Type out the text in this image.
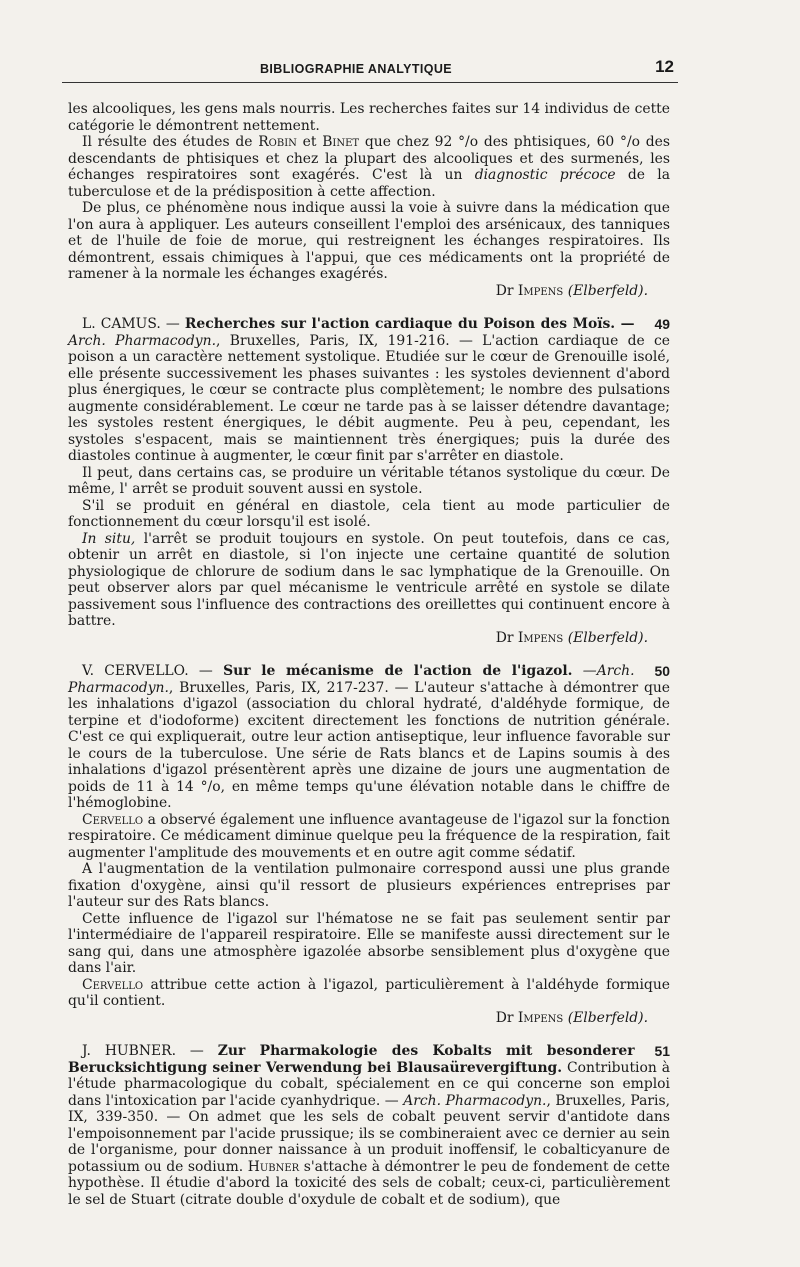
BIBLIOGRAPHIE ANALYTIQUE	12

les alcooliques, les gens mals nourris. Les recherches faites sur 14 individus de cette catégorie le démontrent nettement.

Il résulte des études de Robin et Binet que chez 92 °/o des phtisiques, 60 °/o des descendants de phtisiques et chez la plupart des alcooliques et des surmenés, les échanges respiratoires sont exagérés. C'est là un diagnostic précoce de la tuberculose et de la prédisposition à cette affection.

De plus, ce phénomène nous indique aussi la voie à suivre dans la médication que l'on aura à appliquer. Les auteurs conseillent l'emploi des arsénicaux, des tanniques et de l'huile de foie de morue, qui restreignent les échanges respiratoires. Ils démontrent, essais chimiques à l'appui, que ces médicaments ont la propriété de ramener à la normale les échanges exagérés.

Dr Impens (Elberfeld).

49
L. CAMUS. — Recherches sur l'action cardiaque du Poison des Moïs. — Arch. Pharmacodyn., Bruxelles, Paris, IX, 191-216. — L'action cardiaque de ce poison a un caractère nettement systolique. Etudiée sur le cœur de Grenouille isolé, elle présente successivement les phases suivantes : les systoles deviennent d'abord plus énergiques, le cœur se contracte plus complètement; le nombre des pulsations augmente considérablement. Le cœur ne tarde pas à se laisser détendre davantage; les systoles restent énergiques, le débit augmente. Peu à peu, cependant, les systoles s'espacent, mais se maintiennent très énergiques; puis la durée des diastoles continue à augmenter, le cœur finit par s'arrêter en diastole.

Il peut, dans certains cas, se produire un véritable tétanos systolique du cœur. De même, l' arrêt se produit souvent aussi en systole.

S'il se produit en général en diastole, cela tient au mode particulier de fonctionnement du cœur lorsqu'il est isolé.

In situ, l'arrêt se produit toujours en systole. On peut toutefois, dans ce cas, obtenir un arrêt en diastole, si l'on injecte une certaine quantité de solution physiologique de chlorure de sodium dans le sac lymphatique de la Grenouille. On peut observer alors par quel mécanisme le ventricule arrêté en systole se dilate passivement sous l'influence des contractions des oreillettes qui continuent encore à battre.

Dr Impens (Elberfeld).

50
V. CERVELLO. — Sur le mécanisme de l'action de l'igazol. —Arch. Pharmacodyn., Bruxelles, Paris, IX, 217-237. — L'auteur s'attache à démontrer que les inhalations d'igazol (association du chloral hydraté, d'aldéhyde formique, de terpine et d'iodoforme) excitent directement les fonctions de nutrition générale. C'est ce qui expliquerait, outre leur action antiseptique, leur influence favorable sur le cours de la tuberculose. Une série de Rats blancs et de Lapins soumis à des inhalations d'igazol présentèrent après une dizaine de jours une augmentation de poids de 11 à 14 °/o, en même temps qu'une élévation notable dans le chiffre de l'hémoglobine.

Cervello a observé également une influence avantageuse de l'igazol sur la fonction respiratoire. Ce médicament diminue quelque peu la fréquence de la respiration, fait augmenter l'amplitude des mouvements et en outre agit comme sédatif.

A l'augmentation de la ventilation pulmonaire correspond aussi une plus grande fixation d'oxygène, ainsi qu'il ressort de plusieurs expériences entreprises par l'auteur sur des Rats blancs.

Cette influence de l'igazol sur l'hématose ne se fait pas seulement sentir par l'intermédiaire de l'appareil respiratoire. Elle se manifeste aussi directement sur le sang qui, dans une atmosphère igazolée absorbe sensiblement plus d'oxygène que dans l'air.

Cervello attribue cette action à l'igazol, particulièrement à l'aldéhyde formique qu'il contient.

Dr Impens (Elberfeld).

51
J. HUBNER. — Zur Pharmakologie des Kobalts mit besonderer Berucksichtigung seiner Verwendung bei Blausaürevergiftung. Contribution à l'étude pharmacologique du cobalt, spécialement en ce qui concerne son emploi dans l'intoxication par l'acide cyanhydrique. — Arch. Pharmacodyn., Bruxelles, Paris, IX, 339-350. — On admet que les sels de cobalt peuvent servir d'antidote dans l'empoisonnement par l'acide prussique; ils se combineraient avec ce dernier au sein de l'organisme, pour donner naissance à un produit inoffensif, le cobalticyanure de potassium ou de sodium. Hubner s'attache à démontrer le peu de fondement de cette hypothèse. Il étudie d'abord la toxicité des sels de cobalt; ceux-ci, particulièrement le sel de Stuart (citrate double d'oxydule de cobalt et de sodium), que
